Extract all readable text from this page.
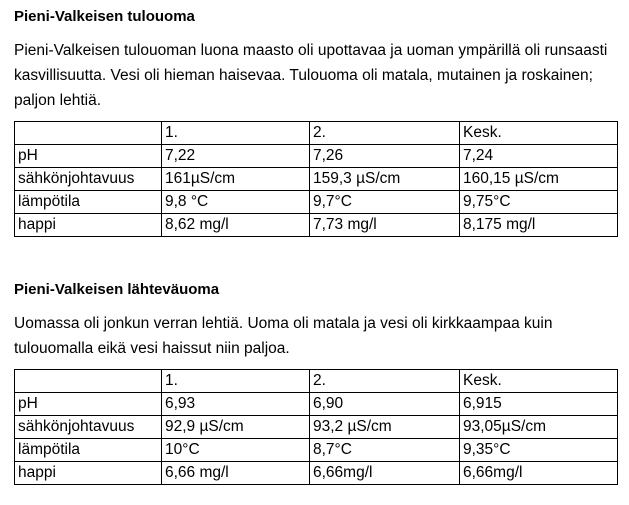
Pieni-Valkeisen tulouoma

Pieni-Valkeisen tulouoman luona maasto oli upottavaa ja uoman ympärillä oli runsaasti kasvillisuutta. Vesi oli hieman haisevaa. Tulouoma oli matala, mutainen ja roskainen; paljon lehtiä.

	1.	2.	Kesk.
pH	7,22	7,26	7,24
sähkönjohtavuus	161µS/cm	159,3 µS/cm	160,15 µS/cm
lämpötila	9,8 °C	9,7°C	9,75°C
happi	8,62 mg/l	7,73 mg/l	8,175 mg/l

Pieni-Valkeisen lähteväuoma

Uomassa oli jonkun verran lehtiä. Uoma oli matala ja vesi oli kirkkaampaa kuin tulouomalla eikä vesi haissut niin paljoa.

	1.	2.	Kesk.
pH	6,93	6,90	6,915
sähkönjohtavuus	92,9 µS/cm	93,2 µS/cm	93,05µS/cm
lämpötila	10°C	8,7°C	9,35°C
happi	6,66 mg/l	6,66mg/l	6,66mg/l
